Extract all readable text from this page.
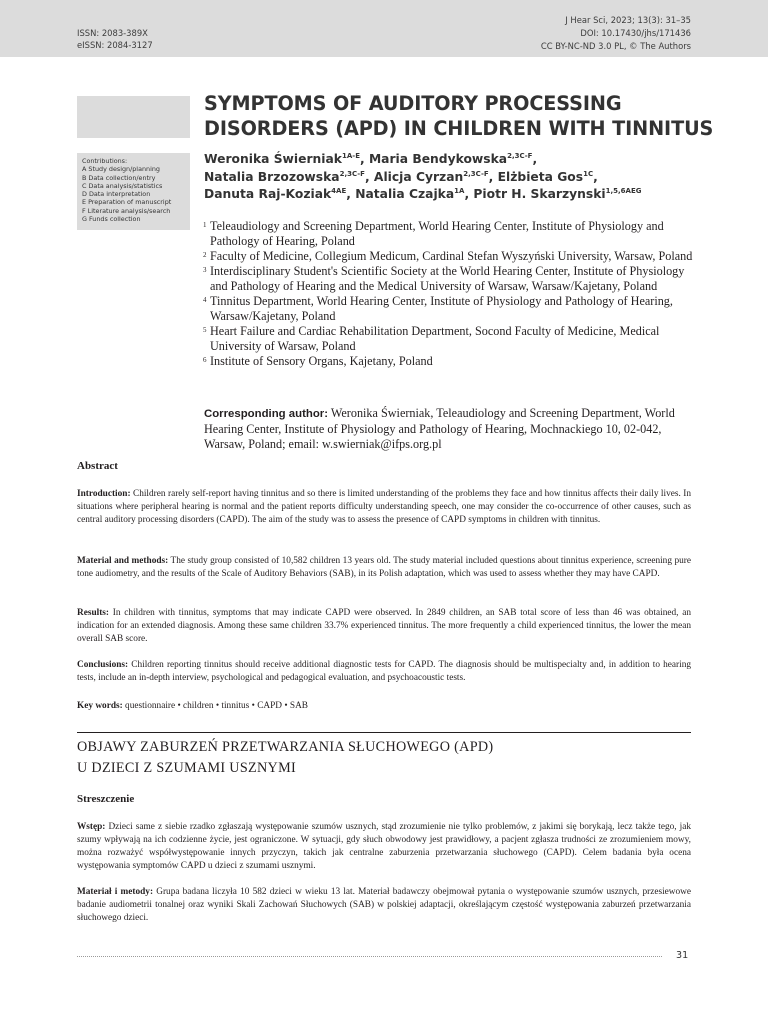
ISSN: 2083-389X
eISSN: 2084-3127
J Hear Sci, 2023; 13(3): 31–35
DOI: 10.17430/jhs/171436
CC BY-NC-ND 3.0 PL, © The Authors
SYMPTOMS OF AUDITORY PROCESSING
DISORDERS (APD) IN CHILDREN WITH TINNITUS
Contributions:
A Study design/planning
B Data collection/entry
C Data analysis/statistics
D Data interpretation
E Preparation of manuscript
F Literature analysis/search
G Funds collection
Weronika Świerniak$^{1A-E}$, Maria Bendykowska$^{2,3C-F}$,
Natalia Brzozowska$^{2,3C-F}$, Alicja Cyrzan$^{2,3C-F}$, Elżbieta Gos$^{1C}$,
Danuta Raj-Koziak$^{4AE}$, Natalia Czajka$^{1A}$, Piotr H. Skarzynski$^{1,5,6AEG}$
1 Teleaudiology and Screening Department, World Hearing Center, Institute of Physiology and Pathology of Hearing, Poland
2 Faculty of Medicine, Collegium Medicum, Cardinal Stefan Wyszyński University, Warsaw, Poland
3 Interdisciplinary Student's Scientific Society at the World Hearing Center, Institute of Physiology and Pathology of Hearing and the Medical University of Warsaw, Warsaw/Kajetany, Poland
4 Tinnitus Department, World Hearing Center, Institute of Physiology and Pathology of Hearing, Warsaw/Kajetany, Poland
5 Heart Failure and Cardiac Rehabilitation Department, Socond Faculty of Medicine, Medical University of Warsaw, Poland
6 Institute of Sensory Organs, Kajetany, Poland
Corresponding author: Weronika Świerniak, Teleaudiology and Screening Department, World Hearing Center, Institute of Physiology and Pathology of Hearing, Mochnackiego 10, 02-042, Warsaw, Poland; email: w.swierniak@ifps.org.pl
Abstract
Introduction: Children rarely self-report having tinnitus and so there is limited understanding of the problems they face and how tinnitus affects their daily lives. In situations where peripheral hearing is normal and the patient reports difficulty understanding speech, one may consider the co-occurrence of other causes, such as central auditory processing disorders (CAPD). The aim of the study was to assess the presence of CAPD symptoms in children with tinnitus.
Material and methods: The study group consisted of 10,582 children 13 years old. The study material included questions about tinnitus experience, screening pure tone audiometry, and the results of the Scale of Auditory Behaviors (SAB), in its Polish adaptation, which was used to assess whether they may have CAPD.
Results: In children with tinnitus, symptoms that may indicate CAPD were observed. In 2849 children, an SAB total score of less than 46 was obtained, an indication for an extended diagnosis. Among these same children 33.7% experienced tinnitus. The more frequently a child experienced tinnitus, the lower the mean overall SAB score.
Conclusions: Children reporting tinnitus should receive additional diagnostic tests for CAPD. The diagnosis should be multispecialty and, in addition to hearing tests, include an in-depth interview, psychological and pedagogical evaluation, and psychoacoustic tests.
Key words: questionnaire • children • tinnitus • CAPD • SAB
OBJAWY ZABURZEŃ PRZETWARZANIA SŁUCHOWEGO (APD)
U DZIECI Z SZUMAMI USZNYMI
Streszczenie
Wstęp: Dzieci same z siebie rzadko zgłaszają występowanie szumów usznych, stąd zrozumienie nie tylko problemów, z jakimi się borykają, lecz także tego, jak szumy wpływają na ich codzienne życie, jest ograniczone. W sytuacji, gdy słuch obwodowy jest prawidłowy, a pacjent zgłasza trudności ze zrozumieniem mowy, można rozważyć współwystępowanie innych przyczyn, takich jak centralne zaburzenia przetwarzania słuchowego (CAPD). Celem badania była ocena występowania symptomów CAPD u dzieci z szumami usznymi.
Materiał i metody: Grupa badana liczyła 10 582 dzieci w wieku 13 lat. Materiał badawczy obejmował pytania o występowanie szumów usznych, przesiewowe badanie audiometrii tonalnej oraz wyniki Skali Zachowań Słuchowych (SAB) w polskiej adaptacji, określającym częstość występowania zaburzeń przetwarzania słuchowego dzieci.
31
